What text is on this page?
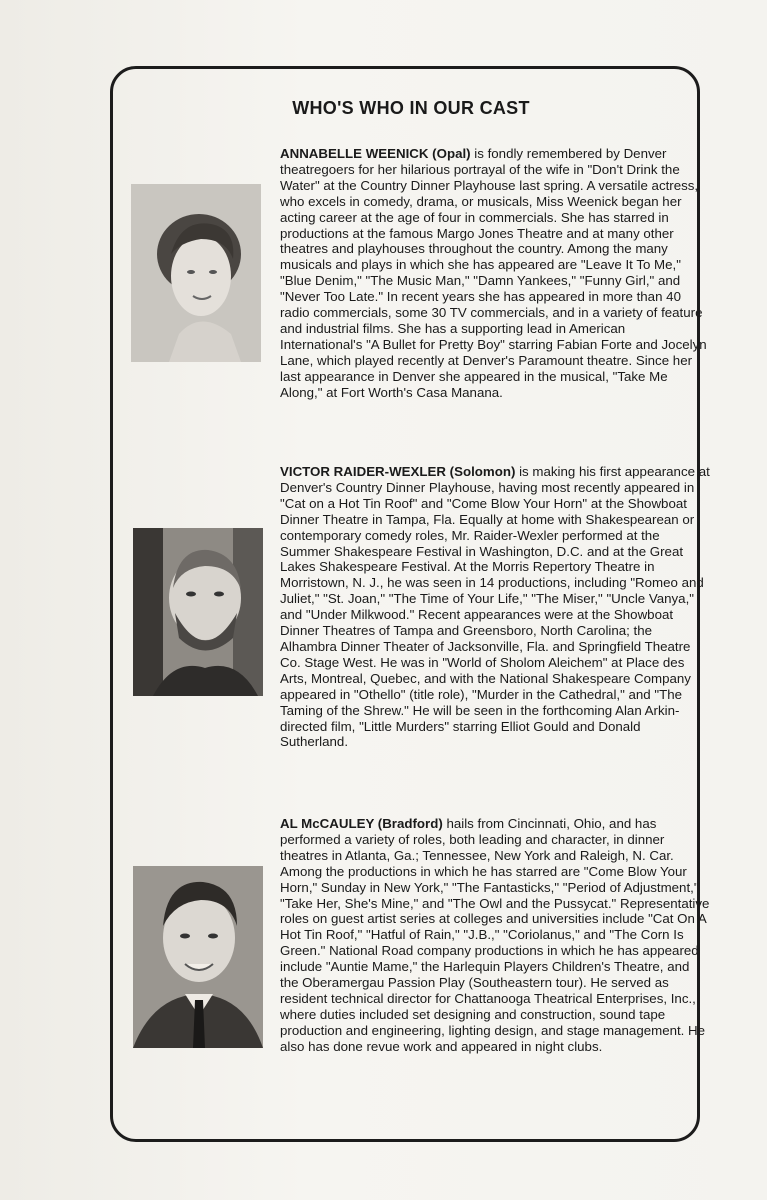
WHO'S WHO IN OUR CAST

ANNABELLE WEENICK (Opal) is fondly remembered by Denver theatregoers for her hilarious portrayal of the wife in "Don't Drink the Water" at the Country Dinner Playhouse last spring. A versatile actress, who excels in comedy, drama, or musicals, Miss Weenick began her acting career at the age of four in commercials. She has starred in productions at the famous Margo Jones Theatre and at many other theatres and playhouses throughout the country. Among the many musicals and plays in which she has appeared are "Leave It To Me," "Blue Denim," "The Music Man," "Damn Yankees," "Funny Girl," and "Never Too Late." In recent years she has appeared in more than 40 radio commercials, some 30 TV commercials, and in a variety of feature and industrial films. She has a supporting lead in American International's "A Bullet for Pretty Boy" starring Fabian Forte and Jocelyn Lane, which played recently at Denver's Paramount theatre. Since her last appearance in Denver she appeared in the musical, "Take Me Along," at Fort Worth's Casa Manana.

VICTOR RAIDER-WEXLER (Solomon) is making his first appearance at Denver's Country Dinner Playhouse, having most recently appeared in "Cat on a Hot Tin Roof" and "Come Blow Your Horn" at the Showboat Dinner Theatre in Tampa, Fla. Equally at home with Shakespearean or contemporary comedy roles, Mr. Raider-Wexler performed at the Summer Shakespeare Festival in Washington, D.C. and at the Great Lakes Shakespeare Festival. At the Morris Repertory Theatre in Morristown, N. J., he was seen in 14 productions, including "Romeo and Juliet," "St. Joan," "The Time of Your Life," "The Miser," "Uncle Vanya," and "Under Milkwood." Recent appearances were at the Showboat Dinner Theatres of Tampa and Greensboro, North Carolina; the Alhambra Dinner Theater of Jacksonville, Fla. and Springfield Theatre Co. Stage West. He was in "World of Sholom Aleichem" at Place des Arts, Montreal, Quebec, and with the National Shakespeare Company appeared in "Othello" (title role), "Murder in the Cathedral," and "The Taming of the Shrew." He will be seen in the forthcoming Alan Arkin-directed film, "Little Murders" starring Elliot Gould and Donald Sutherland.

AL McCAULEY (Bradford) hails from Cincinnati, Ohio, and has performed a variety of roles, both leading and character, in dinner theatres in Atlanta, Ga.; Tennessee, New York and Raleigh, N. Car. Among the productions in which he has starred are "Come Blow Your Horn," Sunday in New York," "The Fantasticks," "Period of Adjustment," "Take Her, She's Mine," and "The Owl and the Pussycat." Representative roles on guest artist series at colleges and universities include "Cat On A Hot Tin Roof," "Hatful of Rain," "J.B.," "Coriolanus," and "The Corn Is Green." National Road company productions in which he has appeared include "Auntie Mame," the Harlequin Players Children's Theatre, and the Oberamergau Passion Play (Southeastern tour). He served as resident technical director for Chattanooga Theatrical Enterprises, Inc., where duties included set designing and construction, sound tape production and engineering, lighting design, and stage management. He also has done revue work and appeared in night clubs.
